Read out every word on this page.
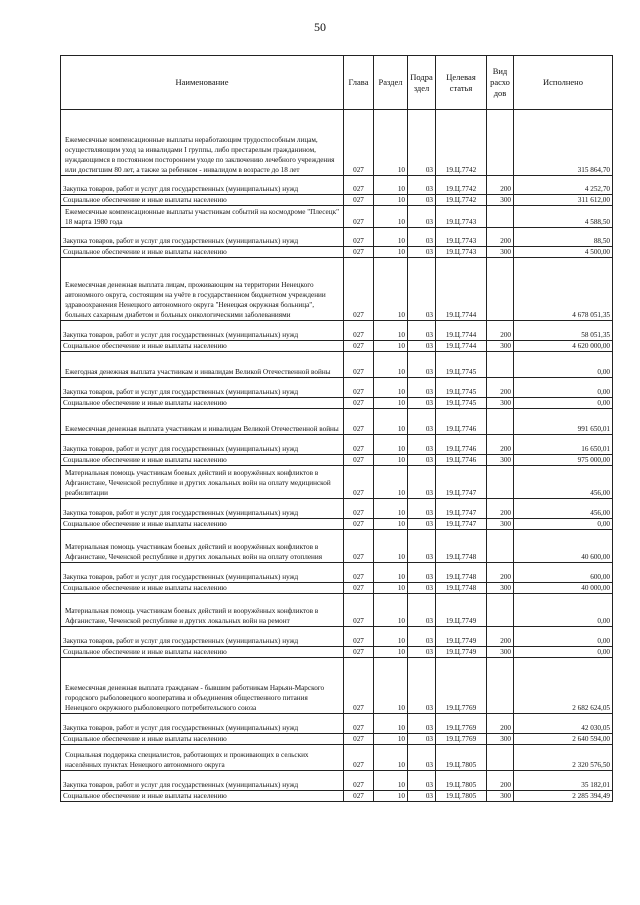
50
Наименование	Глава	Раздел	Подра здел	Целевая статья	Вид расхо дов	Исполнено
Ежемесячные компенсационные выплаты неработающим трудоспособным лицам, осуществляющим уход за инвалидами I группы, либо престарелым гражданином, нуждающимся в постоянном постороннем уходе по заключению лечебного учреждения или достигшим 80 лет, а также за ребенком - инвалидом в возрасте до 18 лет	027	10	03	19.Ц.7742		315 864,70
Закупка товаров, работ и услуг для государственных (муниципальных) нужд	027	10	03	19.Ц.7742	200	4 252,70
Социальное обеспечение и иные выплаты населению	027	10	03	19.Ц.7742	300	311 612,00
Ежемесячные компенсационные выплаты участникам событий на космодроме "Плесецк" 18 марта 1980 года	027	10	03	19.Ц.7743		4 588,50
Закупка товаров, работ и услуг для государственных (муниципальных) нужд	027	10	03	19.Ц.7743	200	88,50
Социальное обеспечение и иные выплаты населению	027	10	03	19.Ц.7743	300	4 500,00
Ежемесячная денежная выплата лицам, проживающим на территории Ненецкого автономного округа, состоящим на учёте в государственном бюджетном учреждении здравоохранения Ненецкого автономного округа "Ненецкая окружная больница", больных сахарным диабетом и больных онкологическими заболеваниями	027	10	03	19.Ц.7744		4 678 051,35
Закупка товаров, работ и услуг для государственных (муниципальных) нужд	027	10	03	19.Ц.7744	200	58 051,35
Социальное обеспечение и иные выплаты населению	027	10	03	19.Ц.7744	300	4 620 000,00
Ежегодная денежная выплата участникам и инвалидам Великой Отечественной войны	027	10	03	19.Ц.7745		0,00
Закупка товаров, работ и услуг для государственных (муниципальных) нужд	027	10	03	19.Ц.7745	200	0,00
Социальное обеспечение и иные выплаты населению	027	10	03	19.Ц.7745	300	0,00
Ежемесячная денежная выплата участникам и инвалидам Великой Отечественной войны	027	10	03	19.Ц.7746		991 650,01
Закупка товаров, работ и услуг для государственных (муниципальных) нужд	027	10	03	19.Ц.7746	200	16 650,01
Социальное обеспечение и иные выплаты населению	027	10	03	19.Ц.7746	300	975 000,00
Материальная помощь участникам боевых действий и вооружённых конфликтов в Афганистане, Чеченской республике и других локальных войн на оплату медицинской реабилитации	027	10	03	19.Ц.7747		456,00
Закупка товаров, работ и услуг для государственных (муниципальных) нужд	027	10	03	19.Ц.7747	200	456,00
Социальное обеспечение и иные выплаты населению	027	10	03	19.Ц.7747	300	0,00
Материальная помощь участникам боевых действий и вооружённых конфликтов в Афганистане, Чеченской республике и других локальных войн на оплату отопления	027	10	03	19.Ц.7748		40 600,00
Закупка товаров, работ и услуг для государственных (муниципальных) нужд	027	10	03	19.Ц.7748	200	600,00
Социальное обеспечение и иные выплаты населению	027	10	03	19.Ц.7748	300	40 000,00
Материальная помощь участникам боевых действий и вооружённых конфликтов в Афганистане, Чеченской республике и других локальных войн на ремонт	027	10	03	19.Ц.7749		0,00
Закупка товаров, работ и услуг для государственных (муниципальных) нужд	027	10	03	19.Ц.7749	200	0,00
Социальное обеспечение и иные выплаты населению	027	10	03	19.Ц.7749	300	0,00
Ежемесячная денежная выплата гражданам - бывшим работникам Нарьян-Марского городского рыболовецкого кооператива и объединения общественного питания Ненецкого окружного рыболовецкого потребительского союза	027	10	03	19.Ц.7769		2 682 624,05
Закупка товаров, работ и услуг для государственных (муниципальных) нужд	027	10	03	19.Ц.7769	200	42 030,05
Социальное обеспечение и иные выплаты населению	027	10	03	19.Ц.7769	300	2 640 594,00
Социальная поддержка специалистов, работающих и проживающих в сельских населённых пунктах Ненецкого автономного округа	027	10	03	19.Ц.7805		2 320 576,50
Закупка товаров, работ и услуг для государственных (муниципальных) нужд	027	10	03	19.Ц.7805	200	35 182,01
Социальное обеспечение и иные выплаты населению	027	10	03	19.Ц.7805	300	2 285 394,49
